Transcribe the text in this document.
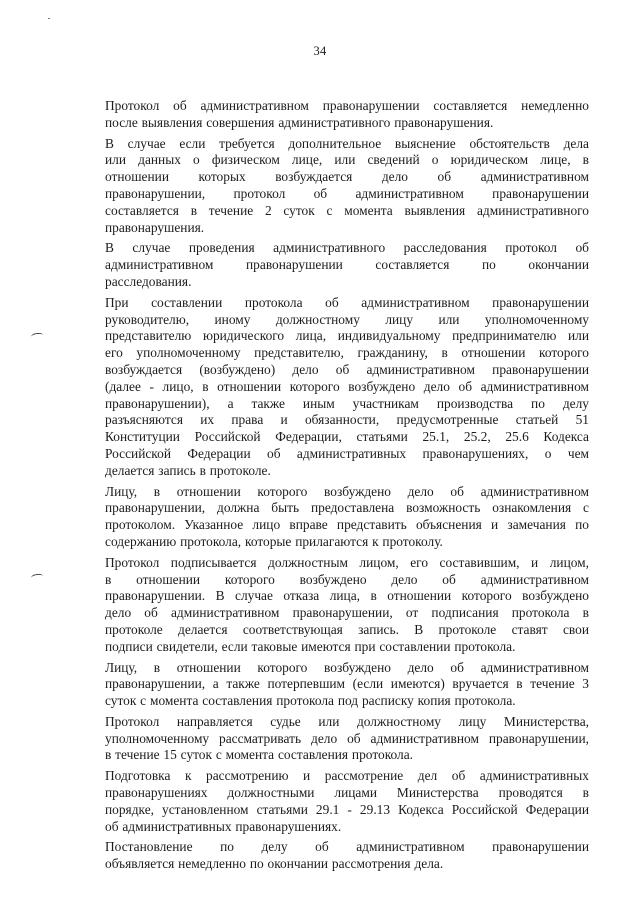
34

Протокол об административном правонарушении составляется немедленно
после выявления совершения административного правонарушения.

В случае если требуется дополнительное выяснение обстоятельств дела
или данных о физическом лице, или сведений о юридическом лице, в
отношении которых возбуждается дело об административном
правонарушении, протокол об административном правонарушении
составляется в течение 2 суток с момента выявления административного
правонарушения.

В случае проведения административного расследования протокол об
административном правонарушении составляется по окончании
расследования.

При составлении протокола об административном правонарушении
руководителю, иному должностному лицу или уполномоченному
представителю юридического лица, индивидуальному предпринимателю или
его уполномоченному представителю, гражданину, в отношении которого
возбуждается (возбуждено) дело об административном правонарушении
(далее - лицо, в отношении которого возбуждено дело об административном
правонарушении), а также иным участникам производства по делу
разъясняются их права и обязанности, предусмотренные статьей 51
Конституции Российской Федерации, статьями 25.1, 25.2, 25.6 Кодекса
Российской Федерации об административных правонарушениях, о чем
делается запись в протоколе.

Лицу, в отношении которого возбуждено дело об административном
правонарушении, должна быть предоставлена возможность ознакомления с
протоколом. Указанное лицо вправе представить объяснения и замечания по
содержанию протокола, которые прилагаются к протоколу.

Протокол подписывается должностным лицом, его составившим, и лицом,
в отношении которого возбуждено дело об административном
правонарушении. В случае отказа лица, в отношении которого возбуждено
дело об административном правонарушении, от подписания протокола в
протоколе делается соответствующая запись. В протоколе ставят свои
подписи свидетели, если таковые имеются при составлении протокола.

Лицу, в отношении которого возбуждено дело об административном
правонарушении, а также потерпевшим (если имеются) вручается в течение 3
суток с момента составления протокола под расписку копия протокола.

Протокол направляется судье или должностному лицу Министерства,
уполномоченному рассматривать дело об административном правонарушении,
в течение 15 суток с момента составления протокола.

Подготовка к рассмотрению и рассмотрение дел об административных
правонарушениях должностными лицами Министерства проводятся в
порядке, установленном статьями 29.1 - 29.13 Кодекса Российской Федерации
об административных правонарушениях.

Постановление по делу об административном правонарушении
объявляется немедленно по окончании рассмотрения дела.
